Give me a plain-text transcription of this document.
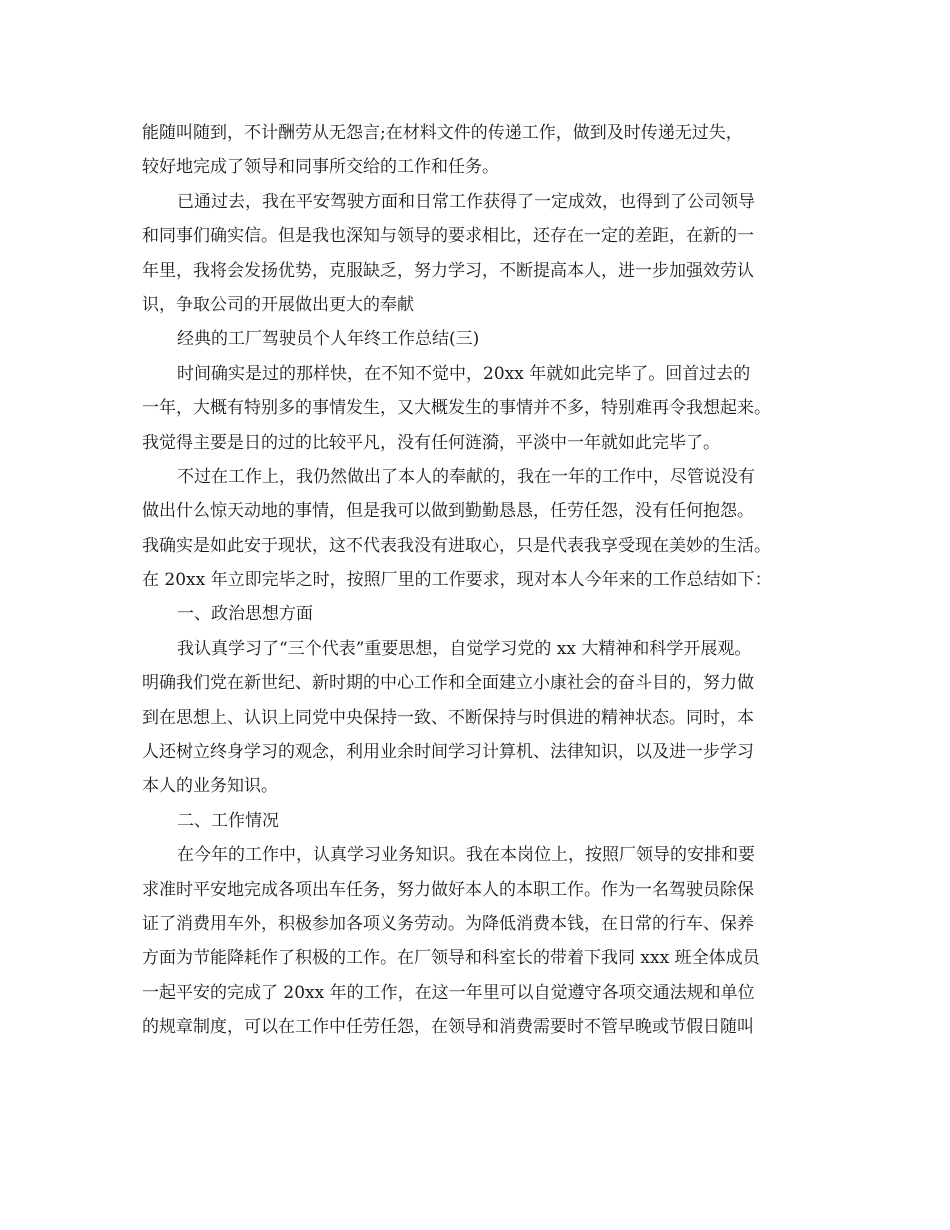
能随叫随到，不计酬劳从无怨言;在材料文件的传递工作，做到及时传递无过失，
较好地完成了领导和同事所交给的工作和任务。
已通过去，我在平安驾驶方面和日常工作获得了一定成效，也得到了公司领导
和同事们确实信。但是我也深知与领导的要求相比，还存在一定的差距，在新的一
年里，我将会发扬优势，克服缺乏，努力学习，不断提高本人，进一步加强效劳认
识，争取公司的开展做出更大的奉献
经典的工厂驾驶员个人年终工作总结(三)
时间确实是过的那样快，在不知不觉中，20xx 年就如此完毕了。回首过去的
一年，大概有特别多的事情发生，又大概发生的事情并不多，特别难再令我想起来。
我觉得主要是日的过的比较平凡，没有任何涟漪，平淡中一年就如此完毕了。
不过在工作上，我仍然做出了本人的奉献的，我在一年的工作中，尽管说没有
做出什么惊天动地的事情，但是我可以做到勤勤恳恳，任劳任怨，没有任何抱怨。
我确实是如此安于现状，这不代表我没有进取心，只是代表我享受现在美妙的生活。
在 20xx 年立即完毕之时，按照厂里的工作要求，现对本人今年来的工作总结如下：
一、政治思想方面
我认真学习了“三个代表”重要思想，自觉学习党的 xx 大精神和科学开展观。
明确我们党在新世纪、新时期的中心工作和全面建立小康社会的奋斗目的，努力做
到在思想上、认识上同党中央保持一致、不断保持与时俱进的精神状态。同时，本
人还树立终身学习的观念，利用业余时间学习计算机、法律知识，以及进一步学习
本人的业务知识。
二、工作情况
在今年的工作中，认真学习业务知识。我在本岗位上，按照厂领导的安排和要
求准时平安地完成各项出车任务，努力做好本人的本职工作。作为一名驾驶员除保
证了消费用车外，积极参加各项义务劳动。为降低消费本钱，在日常的行车、保养
方面为节能降耗作了积极的工作。在厂领导和科室长的带着下我同 xxx 班全体成员
一起平安的完成了 20xx 年的工作，在这一年里可以自觉遵守各项交通法规和单位
的规章制度，可以在工作中任劳任怨，在领导和消费需要时不管早晚或节假日随叫
